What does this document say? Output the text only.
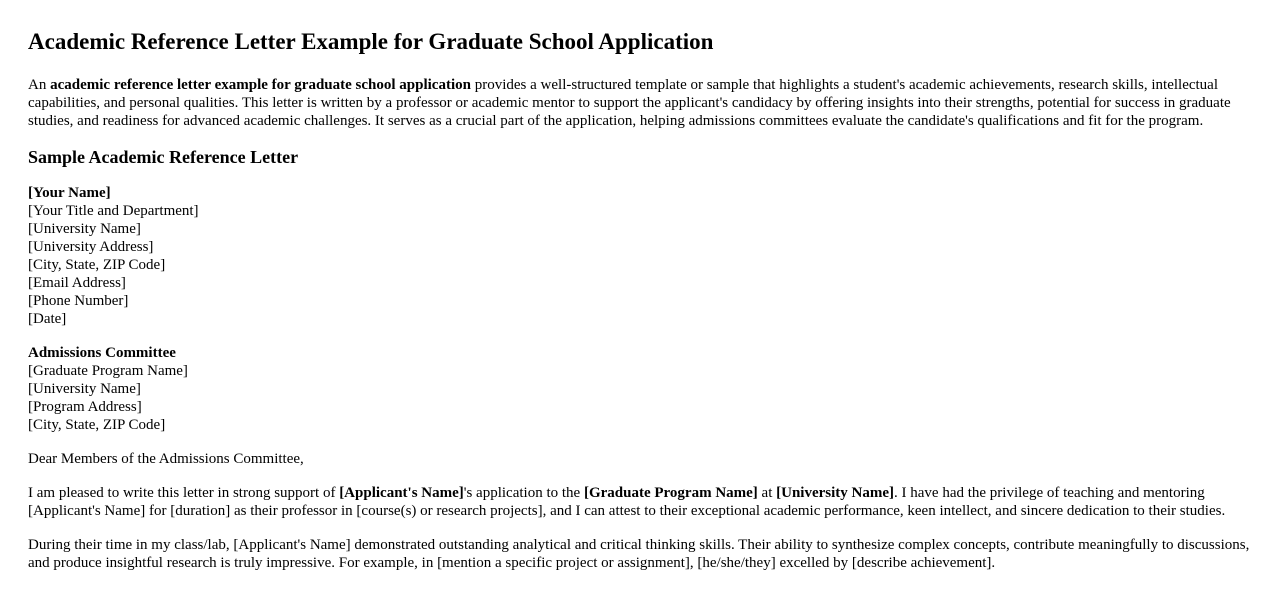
Academic Reference Letter Example for Graduate School Application

An academic reference letter example for graduate school application provides a well-structured template or sample that highlights a student's academic achievements, research skills, intellectual capabilities, and personal qualities. This letter is written by a professor or academic mentor to support the applicant's candidacy by offering insights into their strengths, potential for success in graduate studies, and readiness for advanced academic challenges. It serves as a crucial part of the application, helping admissions committees evaluate the candidate's qualifications and fit for the program.

Sample Academic Reference Letter
[Your Name]
[Your Title and Department]
[University Name]
[University Address]
[City, State, ZIP Code]
[Email Address]
[Phone Number]
[Date]
Admissions Committee
[Graduate Program Name]
[University Name]
[Program Address]
[City, State, ZIP Code]

Dear Members of the Admissions Committee,

I am pleased to write this letter in strong support of [Applicant's Name]'s application to the [Graduate Program Name] at [University Name]. I have had the privilege of teaching and mentoring [Applicant's Name] for [duration] as their professor in [course(s) or research projects], and I can attest to their exceptional academic performance, keen intellect, and sincere dedication to their studies.

During their time in my class/lab, [Applicant's Name] demonstrated outstanding analytical and critical thinking skills. Their ability to synthesize complex concepts, contribute meaningfully to discussions, and produce insightful research is truly impressive. For example, in [mention a specific project or assignment], [he/she/they] excelled by [describe achievement].
